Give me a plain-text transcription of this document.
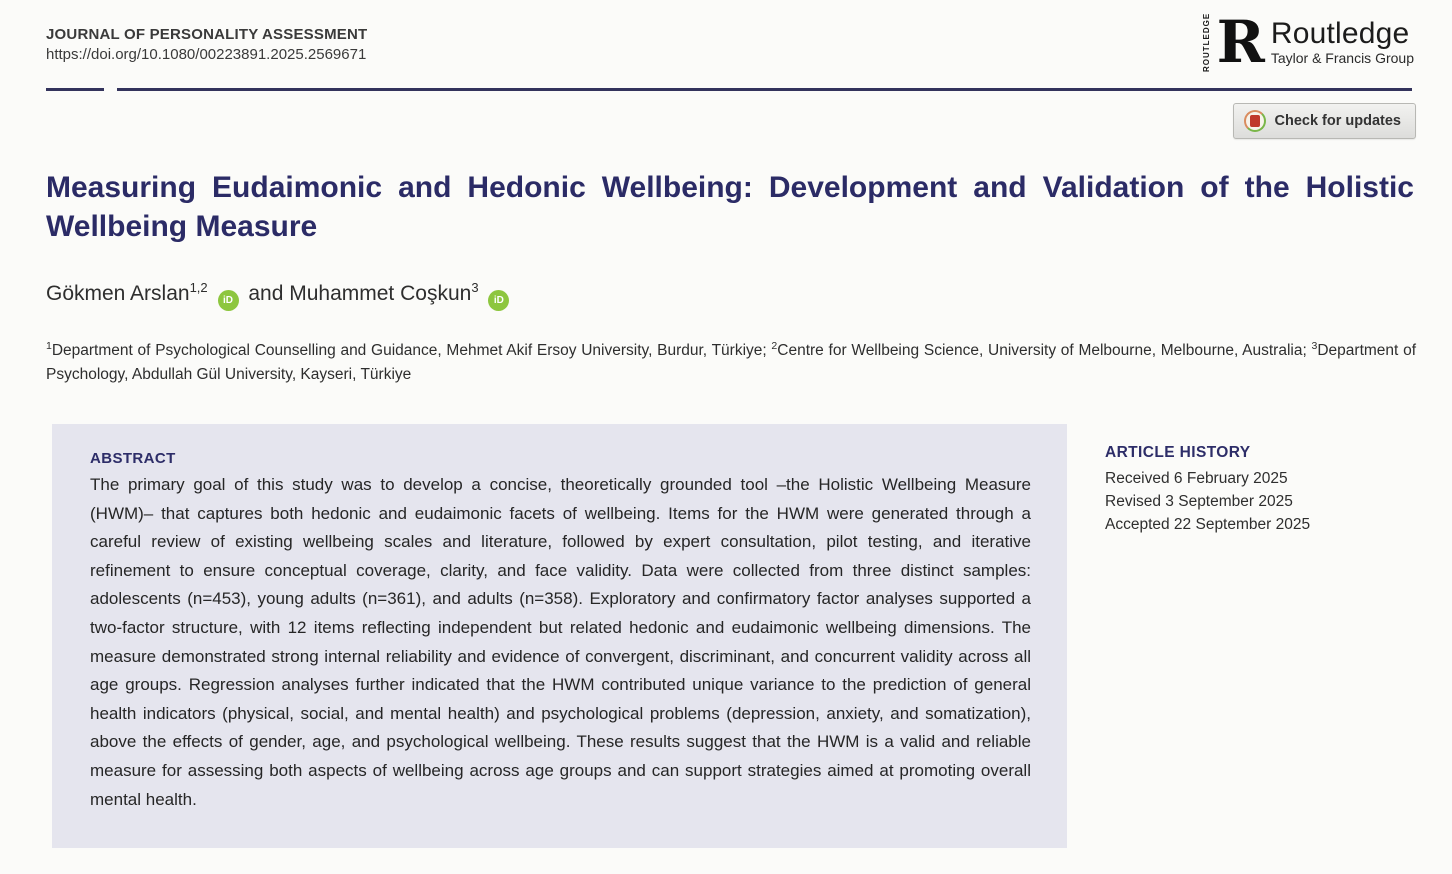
JOURNAL OF PERSONALITY ASSESSMENT
https://doi.org/10.1080/00223891.2025.2569671	ROUTLEDGE R Routledge
Taylor & Francis Group
Check for updates
Measuring Eudaimonic and Hedonic Wellbeing: Development and Validation of the Holistic Wellbeing Measure

Gökmen Arslan$^{1,2}$ iD and Muhammet Coşkun$^3$ iD

$^1$Department of Psychological Counselling and Guidance, Mehmet Akif Ersoy University, Burdur, Türkiye; $^2$Centre for Wellbeing Science, University of Melbourne, Melbourne, Australia; $^3$Department of Psychology, Abdullah Gül University, Kayseri, Türkiye

ABSTRACT
The primary goal of this study was to develop a concise, theoretically grounded tool –the Holistic Wellbeing Measure (HWM)– that captures both hedonic and eudaimonic facets of wellbeing. Items for the HWM were generated through a careful review of existing wellbeing scales and literature, followed by expert consultation, pilot testing, and iterative refinement to ensure conceptual coverage, clarity, and face validity. Data were collected from three distinct samples: adolescents (n=453), young adults (n=361), and adults (n=358). Exploratory and confirmatory factor analyses supported a two-factor structure, with 12 items reflecting independent but related hedonic and eudaimonic wellbeing dimensions. The measure demonstrated strong internal reliability and evidence of convergent, discriminant, and concurrent validity across all age groups. Regression analyses further indicated that the HWM contributed unique variance to the prediction of general health indicators (physical, social, and mental health) and psychological problems (depression, anxiety, and somatization), above the effects of gender, age, and psychological wellbeing. These results suggest that the HWM is a valid and reliable measure for assessing both aspects of wellbeing across age groups and can support strategies aimed at promoting overall mental health.
ARTICLE HISTORY
Received 6 February 2025
Revised 3 September 2025
Accepted 22 September 2025
